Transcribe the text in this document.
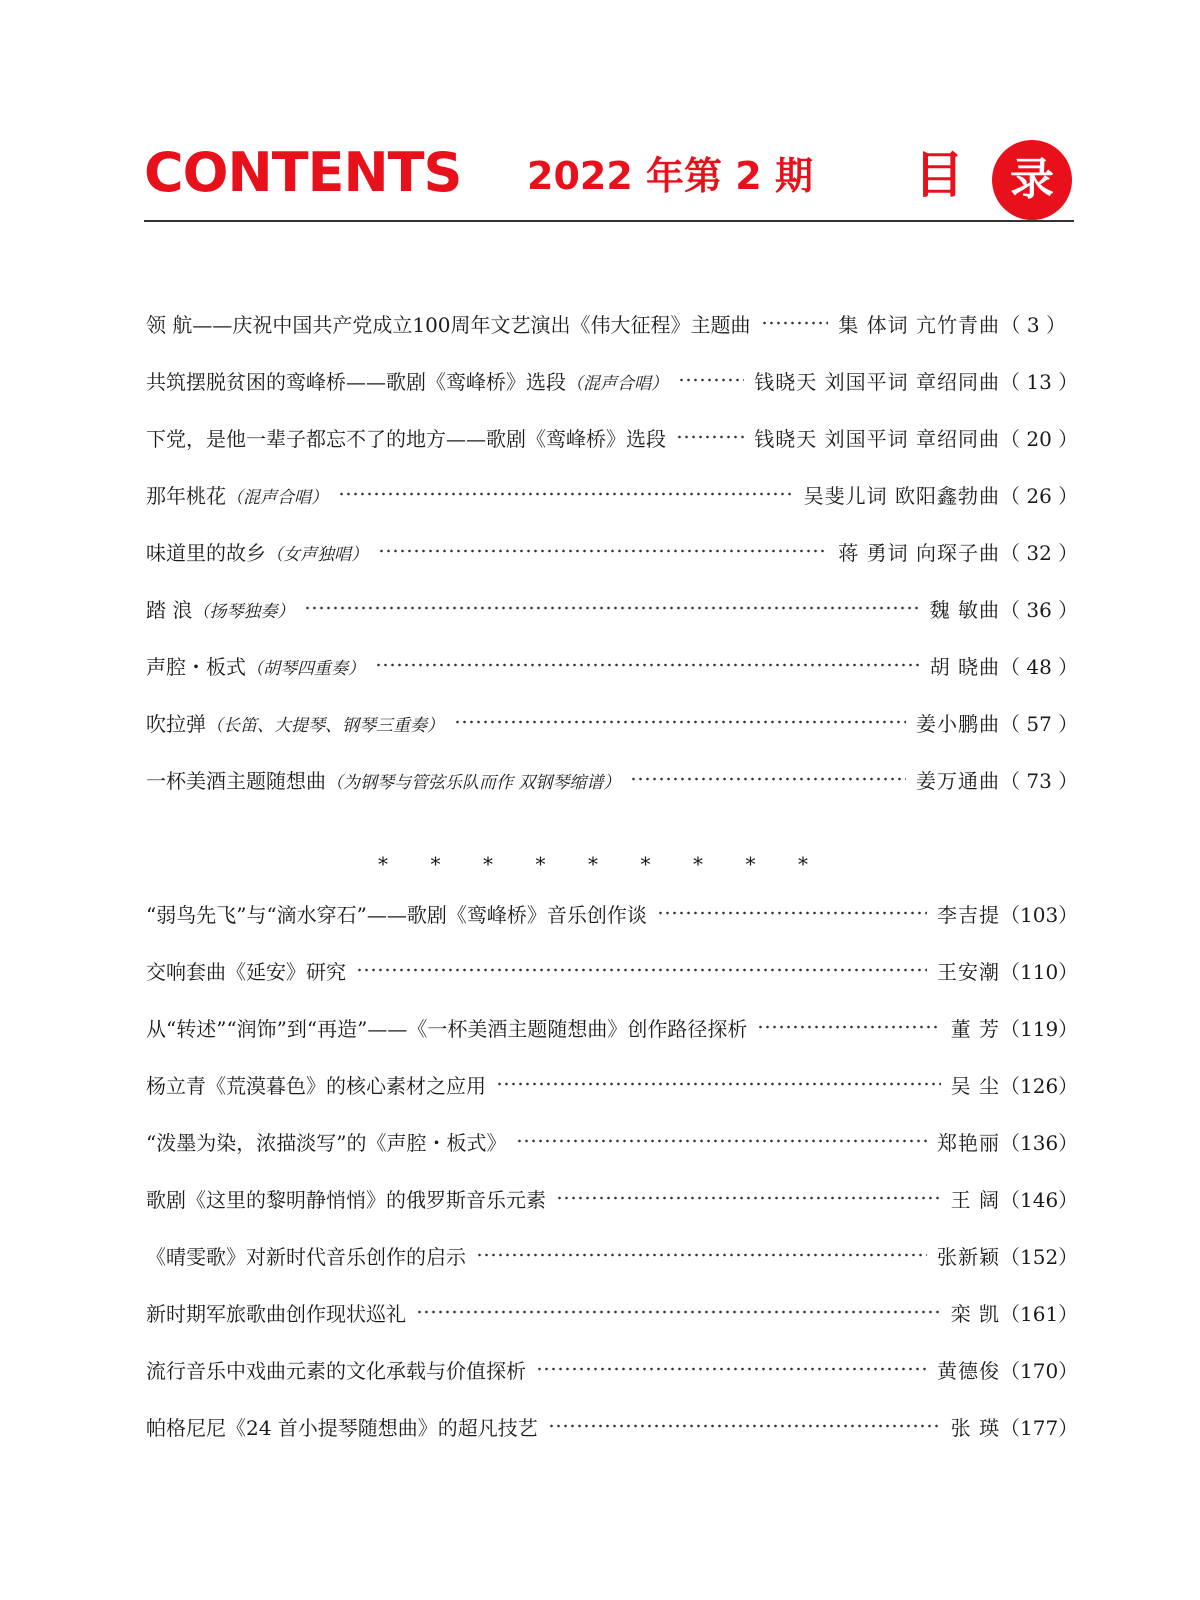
CONTENTS 2022 年第 2 期 目	录
领 航——庆祝中国共产党成立100周年文艺演出《伟大征程》主题曲	集 体词 亢竹青曲 （ 3 ）
共筑摆脱贫困的鸾峰桥——歌剧《鸾峰桥》选段（混声合唱）	钱晓天 刘国平词 章绍同曲 （ 13 ）
下党，是他一辈子都忘不了的地方——歌剧《鸾峰桥》选段	钱晓天 刘国平词 章绍同曲 （ 20 ）
那年桃花（混声合唱）	吴斐儿词 欧阳鑫勃曲 （ 26 ）
味道里的故乡（女声独唱）	蒋 勇词 向琛子曲 （ 32 ）
踏 浪（扬琴独奏）	魏 敏曲 （ 36 ）
声腔・板式（胡琴四重奏）	胡 晓曲 （ 48 ）
吹拉弹（长笛、大提琴、钢琴三重奏）	姜小鹏曲 （ 57 ）
一杯美酒主题随想曲（为钢琴与管弦乐队而作 双钢琴缩谱）	姜万通曲 （ 73 ）
* * * * * * * * *
“弱鸟先飞”与“滴水穿石”——歌剧《鸾峰桥》音乐创作谈	李吉提 （103）
交响套曲《延安》研究	王安潮 （110）
从“转述”“润饰”到“再造”——《一杯美酒主题随想曲》创作路径探析	董 芳 （119）
杨立青《荒漠暮色》的核心素材之应用	吴 尘 （126）
“泼墨为染，浓描淡写”的《声腔・板式》	郑艳丽 （136）
歌剧《这里的黎明静悄悄》的俄罗斯音乐元素	王 阔 （146）
《晴雯歌》对新时代音乐创作的启示	张新颖 （152）
新时期军旅歌曲创作现状巡礼	栾 凯 （161）
流行音乐中戏曲元素的文化承载与价值探析	黄德俊 （170）
帕格尼尼《24 首小提琴随想曲》的超凡技艺	张 瑛 （177）
